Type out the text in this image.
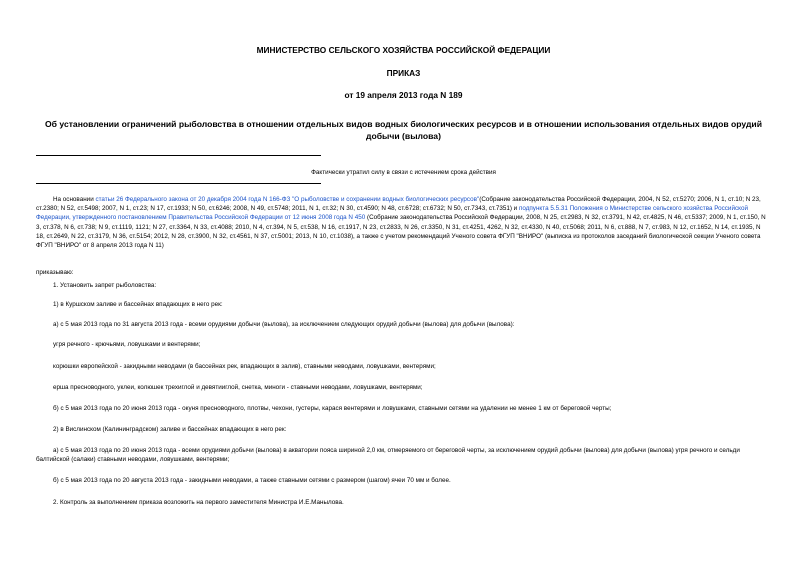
МИНИСТЕРСТВО СЕЛЬСКОГО ХОЗЯЙСТВА РОССИЙСКОЙ ФЕДЕРАЦИИ
ПРИКАЗ
от 19 апреля 2013 года N 189
Об установлении ограничений рыболовства в отношении отдельных видов водных биологических ресурсов и в отношении использования отдельных видов орудий добычи (вылова)
Фактически утратил силу в связи с истечением срока действия
На основании статьи 26 Федерального закона от 20 декабря 2004 года N 166-ФЗ "О рыболовстве и сохранении водных биологических ресурсов"(Собрание законодательства Российской Федерации, 2004, N 52, ст.5270; 2006, N 1, ст.10; N 23, ст.2380; N 52, ст.5498; 2007, N 1, ст.23; N 17, ст.1933; N 50, ст.6246; 2008, N 49, ст.5748; 2011, N 1, ст.32; N 30, ст.4590; N 48, ст.6728; ст.6732; N 50, ст.7343, ст.7351) и подпункта 5.5.31 Положения о Министерстве сельского хозяйства Российской Федерации, утвержденного постановлением Правительства Российской Федерации от 12 июня 2008 года N 450 (Собрание законодательства Российской Федерации, 2008, N 25, ст.2983, N 32, ст.3791, N 42, ст.4825, N 46, ст.5337; 2009, N 1, ст.150, N 3, ст.378, N 6, ст.738; N 9, ст.1119, 1121; N 27, ст.3364, N 33, ст.4088; 2010, N 4, ст.394, N 5, ст.538, N 16, ст.1917, N 23, ст.2833, N 26, ст.3350, N 31, ст.4251, 4262, N 32, ст.4330, N 40, ст.5068; 2011, N 6, ст.888, N 7, ст.983, N 12, ст.1652, N 14, ст.1935, N 18, ст.2649, N 22, ст.3179, N 36, ст.5154; 2012, N 28, ст.3900, N 32, ст.4561, N 37, ст.5001; 2013, N 10, ст.1038), а также с учетом рекомендаций Ученого совета ФГУП "ВНИРО" (выписка из протоколов заседаний биологической секции Ученого совета ФГУП "ВНИРО" от 8 апреля 2013 года N 11)
приказываю:
1. Установить запрет рыболовства:
1) в Куршском заливе и бассейнах впадающих в него рек:
а) с 5 мая 2013 года по 31 августа 2013 года - всеми орудиями добычи (вылова), за исключением следующих орудий добычи (вылова) для добычи (вылова):
угря речного - крючьями, ловушками и вентерями;
корюшки европейской - закидными неводами (в бассейнах рек, впадающих в залив), ставными неводами, ловушками, вентерями;
ерша пресноводного, уклеи, колюшек трехиглой и девятииглой, снетка, миноги - ставными неводами, ловушками, вентерями;
б) с 5 мая 2013 года по 20 июня 2013 года - окуня пресноводного, плотвы, чехони, густеры, карася вентерями и ловушками, ставными сетями на удалении не менее 1 км от береговой черты;
2) в Вислинском (Калининградском) заливе и бассейнах впадающих в него рек:
а) с 5 мая 2013 года по 20 июня 2013 года - всеми орудиями добычи (вылова) в акватории пояса шириной 2,0 км, отмеряемого от береговой черты, за исключением орудий добычи (вылова) для добычи (вылова) угря речного и сельди балтийской (салаки) ставными неводами, ловушками, вентерями;
б) с 5 мая 2013 года по 20 августа 2013 года - закидными неводами, а также ставными сетями с размером (шагом) ячеи 70 мм и более.
2. Контроль за выполнением приказа возложить на первого заместителя Министра И.Е.Манылова.
